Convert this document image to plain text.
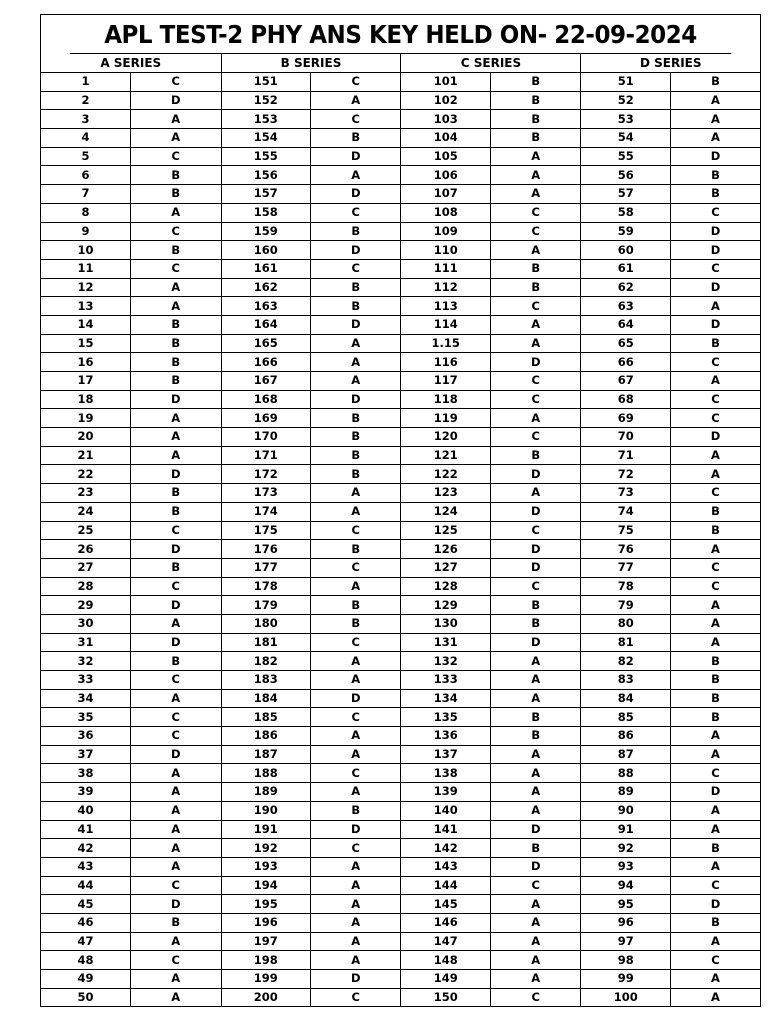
APL TEST-2 PHY ANS KEY HELD ON- 22-09-2024
A SERIES		B SERIES		C SERIES		D SERIES	
1	C	151	C	101	B	51	B
2	D	152	A	102	B	52	A
3	A	153	C	103	B	53	A
4	A	154	B	104	B	54	A
5	C	155	D	105	A	55	D
6	B	156	A	106	A	56	B
7	B	157	D	107	A	57	B
8	A	158	C	108	C	58	C
9	C	159	B	109	C	59	D
10	B	160	D	110	A	60	D
11	C	161	C	111	B	61	C
12	A	162	B	112	B	62	D
13	A	163	B	113	C	63	A
14	B	164	D	114	A	64	D
15	B	165	A	1.15	A	65	B
16	B	166	A	116	D	66	C
17	B	167	A	117	C	67	A
18	D	168	D	118	C	68	C
19	A	169	B	119	A	69	C
20	A	170	B	120	C	70	D
21	A	171	B	121	B	71	A
22	D	172	B	122	D	72	A
23	B	173	A	123	A	73	C
24	B	174	A	124	D	74	B
25	C	175	C	125	C	75	B
26	D	176	B	126	D	76	A
27	B	177	C	127	D	77	C
28	C	178	A	128	C	78	C
29	D	179	B	129	B	79	A
30	A	180	B	130	B	80	A
31	D	181	C	131	D	81	A
32	B	182	A	132	A	82	B
33	C	183	A	133	A	83	B
34	A	184	D	134	A	84	B
35	C	185	C	135	B	85	B
36	C	186	A	136	B	86	A
37	D	187	A	137	A	87	A
38	A	188	C	138	A	88	C
39	A	189	A	139	A	89	D
40	A	190	B	140	A	90	A
41	A	191	D	141	D	91	A
42	A	192	C	142	B	92	B
43	A	193	A	143	D	93	A
44	C	194	A	144	C	94	C
45	D	195	A	145	A	95	D
46	B	196	A	146	A	96	B
47	A	197	A	147	A	97	A
48	C	198	A	148	A	98	C
49	A	199	D	149	A	99	A
50	A	200	C	150	C	100	A
